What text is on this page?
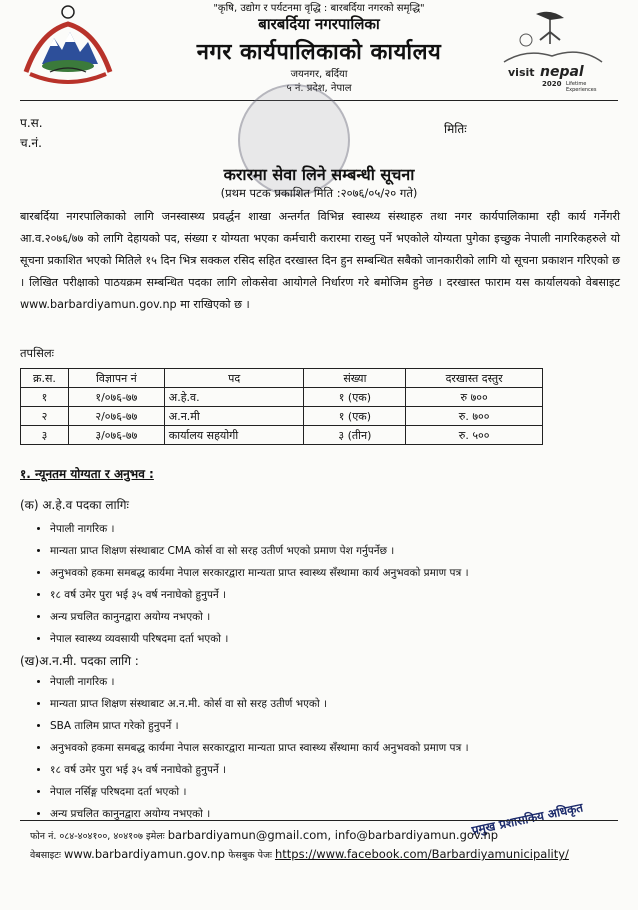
"कृषि, उद्योग र पर्यटनमा वृद्धि : बारबर्दिया नगरको समृद्धि"
बारबर्दिया नगरपालिका
नगर कार्यपालिकाको कार्यालय
जयनगर, बर्दिया
५ नं. प्रदेश, नेपाल
visit nepal
2020 Lifetime
Experiences
प.स.
च.नं.
मितिः
करारमा सेवा लिने सम्बन्धी सूचना
(प्रथम पटक प्रकाशित मिति :२०७६/०५/२० गते)

बारबर्दिया नगरपालिकाको लागि जनस्वास्थ्य प्रवर्द्धन शाखा अन्तर्गत विभिन्न स्वास्थ्य संस्थाहरु तथा नगर कार्यपालिकामा रही कार्य गर्नेगरी आ.व.२०७६/७७ को लागि देहायको पद, संख्या र योग्यता भएका कर्मचारी करारमा राख्नु पर्ने भएकोले योग्यता पुगेका इच्छुक नेपाली नागरिकहरुले यो सूचना प्रकाशित भएको मितिले १५ दिन भित्र सक्कल रसिद सहित दरखास्त दिन हुन सम्बन्धित सबैको जानकारीको लागि यो सूचना प्रकाशन गरिएको छ । लिखित परीक्षाको पाठयक्रम सम्बन्धित पदका लागि लोकसेवा आयोगले निर्धारण गरे बमोजिम हुनेछ । दरखास्त फाराम यस कार्यालयको वेबसाइट www.barbardiyamun.gov.np मा राखिएको छ ।

तपसिलः
क्र.स.	विज्ञापन नं	पद	संख्या	दरखास्त दस्तुर
१	१/०७६-७७	अ.हे.व.	१ (एक)	रु ७००
२	२/०७६-७७	अ.न.मी	१ (एक)	रु. ७००
३	३/०७६-७७	कार्यालय सहयोगी	३ (तीन)	रु. ५००
१. न्यूनतम योग्यता र अनुभव :
(क) अ.हे.व पदका लागिः
• नेपाली नागरिक ।
• मान्यता प्राप्त शिक्षण संस्थाबाट CMA कोर्स वा सो सरह उतीर्ण भएको प्रमाण पेश गर्नुपर्नेछ ।
• अनुभवको हकमा समबद्ध कार्यमा नेपाल सरकारद्वारा मान्यता प्राप्त स्वास्थ्य सँस्थामा कार्य अनुभवको प्रमाण पत्र ।
• १८ वर्ष उमेर पुरा भई ३५ वर्ष ननाघेको हुनुपर्ने ।
• अन्य प्रचलित कानुनद्वारा अयोग्य नभएको ।
• नेपाल स्वास्थ्य व्यवसायी परिषदमा दर्ता भएको ।
(ख)अ.न.मी. पदका लागि :
• नेपाली नागरिक ।
• मान्यता प्राप्त शिक्षण संस्थाबाट अ.न.मी. कोर्स वा सो सरह उतीर्ण भएको ।
• SBA तालिम प्राप्त गरेको हुनुपर्ने ।
• अनुभवको हकमा समबद्ध कार्यमा नेपाल सरकारद्वारा मान्यता प्राप्त स्वास्थ्य सँस्थामा कार्य अनुभवको प्रमाण पत्र ।
• १८ वर्ष उमेर पुरा भई ३५ वर्ष ननाघेको हुनुपर्ने ।
• नेपाल नर्सिङ्ग परिषदमा दर्ता भएको ।
• अन्य प्रचलित कानुनद्वारा अयोग्य नभएको ।	प्रमुख प्रशासकिय अधिकृत
फोन नं. ०८४-४०४१००, ४०४१०७ इमेलः barbardiyamun@gmail.com, info@barbardiyamun.gov.np
वेबसाइटः www.barbardiyamun.gov.np फेसबुक पेजः https://www.facebook.com/Barbardiyamunicipality/
